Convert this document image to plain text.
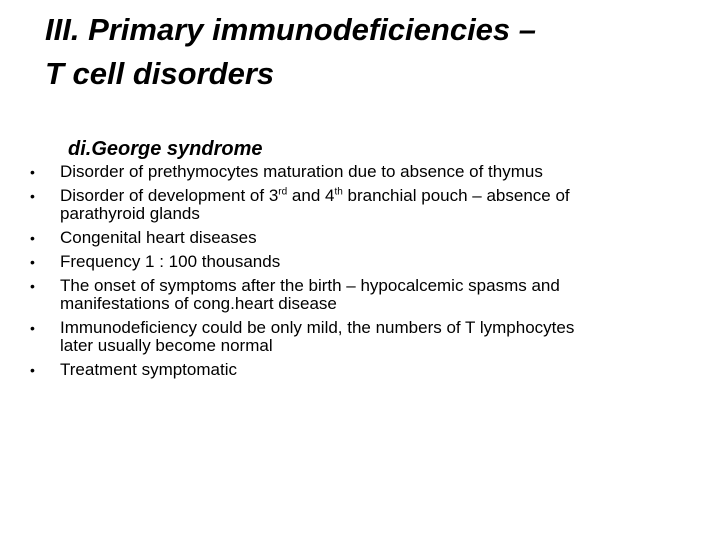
III. Primary immunodeficiencies –
T cell disorders
di.George syndrome
• Disorder of prethymocytes maturation due to absence of thymus
• Disorder of development of 3rd and 4th branchial pouch – absence of
parathyroid glands
• Congenital heart diseases
• Frequency 1 : 100 thousands
• The onset of symptoms after the birth – hypocalcemic spasms and
manifestations of cong.heart disease
• Immunodeficiency could be only mild, the numbers of T lymphocytes
later usually become normal
• Treatment symptomatic
